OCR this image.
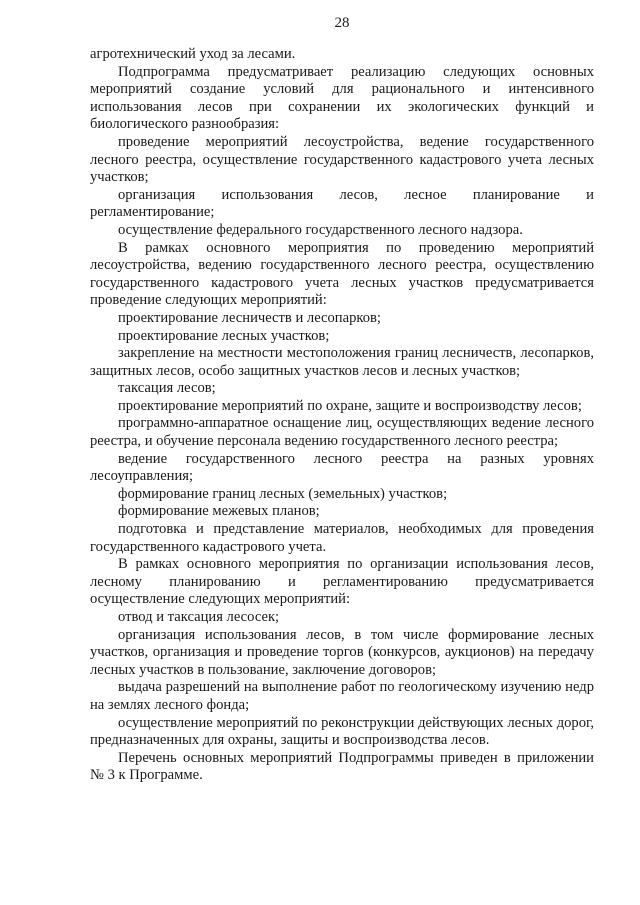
28

агротехнический уход за лесами.

Подпрограмма предусматривает реализацию следующих основных мероприятий создание условий для рационального и интенсивного использования лесов при сохранении их экологических функций и биологического разнообразия:

проведение мероприятий лесоустройства, ведение государственного лесного реестра, осуществление государственного кадастрового учета лесных участков;

организация использования лесов, лесное планирование и регламентирование;

осуществление федерального государственного лесного надзора.

В рамках основного мероприятия по проведению мероприятий лесоустройства, ведению государственного лесного реестра, осуществлению государственного кадастрового учета лесных участков предусматривается проведение следующих мероприятий:

проектирование лесничеств и лесопарков;

проектирование лесных участков;

закрепление на местности местоположения границ лесничеств, лесопарков, защитных лесов, особо защитных участков лесов и лесных участков;

таксация лесов;

проектирование мероприятий по охране, защите и воспроизводству лесов;

программно-аппаратное оснащение лиц, осуществляющих ведение лесного реестра, и обучение персонала ведению государственного лесного реестра;

ведение государственного лесного реестра на разных уровнях лесоуправления;

формирование границ лесных (земельных) участков;

формирование межевых планов;

подготовка и представление материалов, необходимых для проведения государственного кадастрового учета.

В рамках основного мероприятия по организации использования лесов, лесному планированию и регламентированию предусматривается осуществление следующих мероприятий:

отвод и таксация лесосек;

организация использования лесов, в том числе формирование лесных участков, организация и проведение торгов (конкурсов, аукционов) на передачу лесных участков в пользование, заключение договоров;

выдача разрешений на выполнение работ по геологическому изучению недр на землях лесного фонда;

осуществление мероприятий по реконструкции действующих лесных дорог, предназначенных для охраны, защиты и воспроизводства лесов.

Перечень основных мероприятий Подпрограммы приведен в приложении № 3 к Программе.
